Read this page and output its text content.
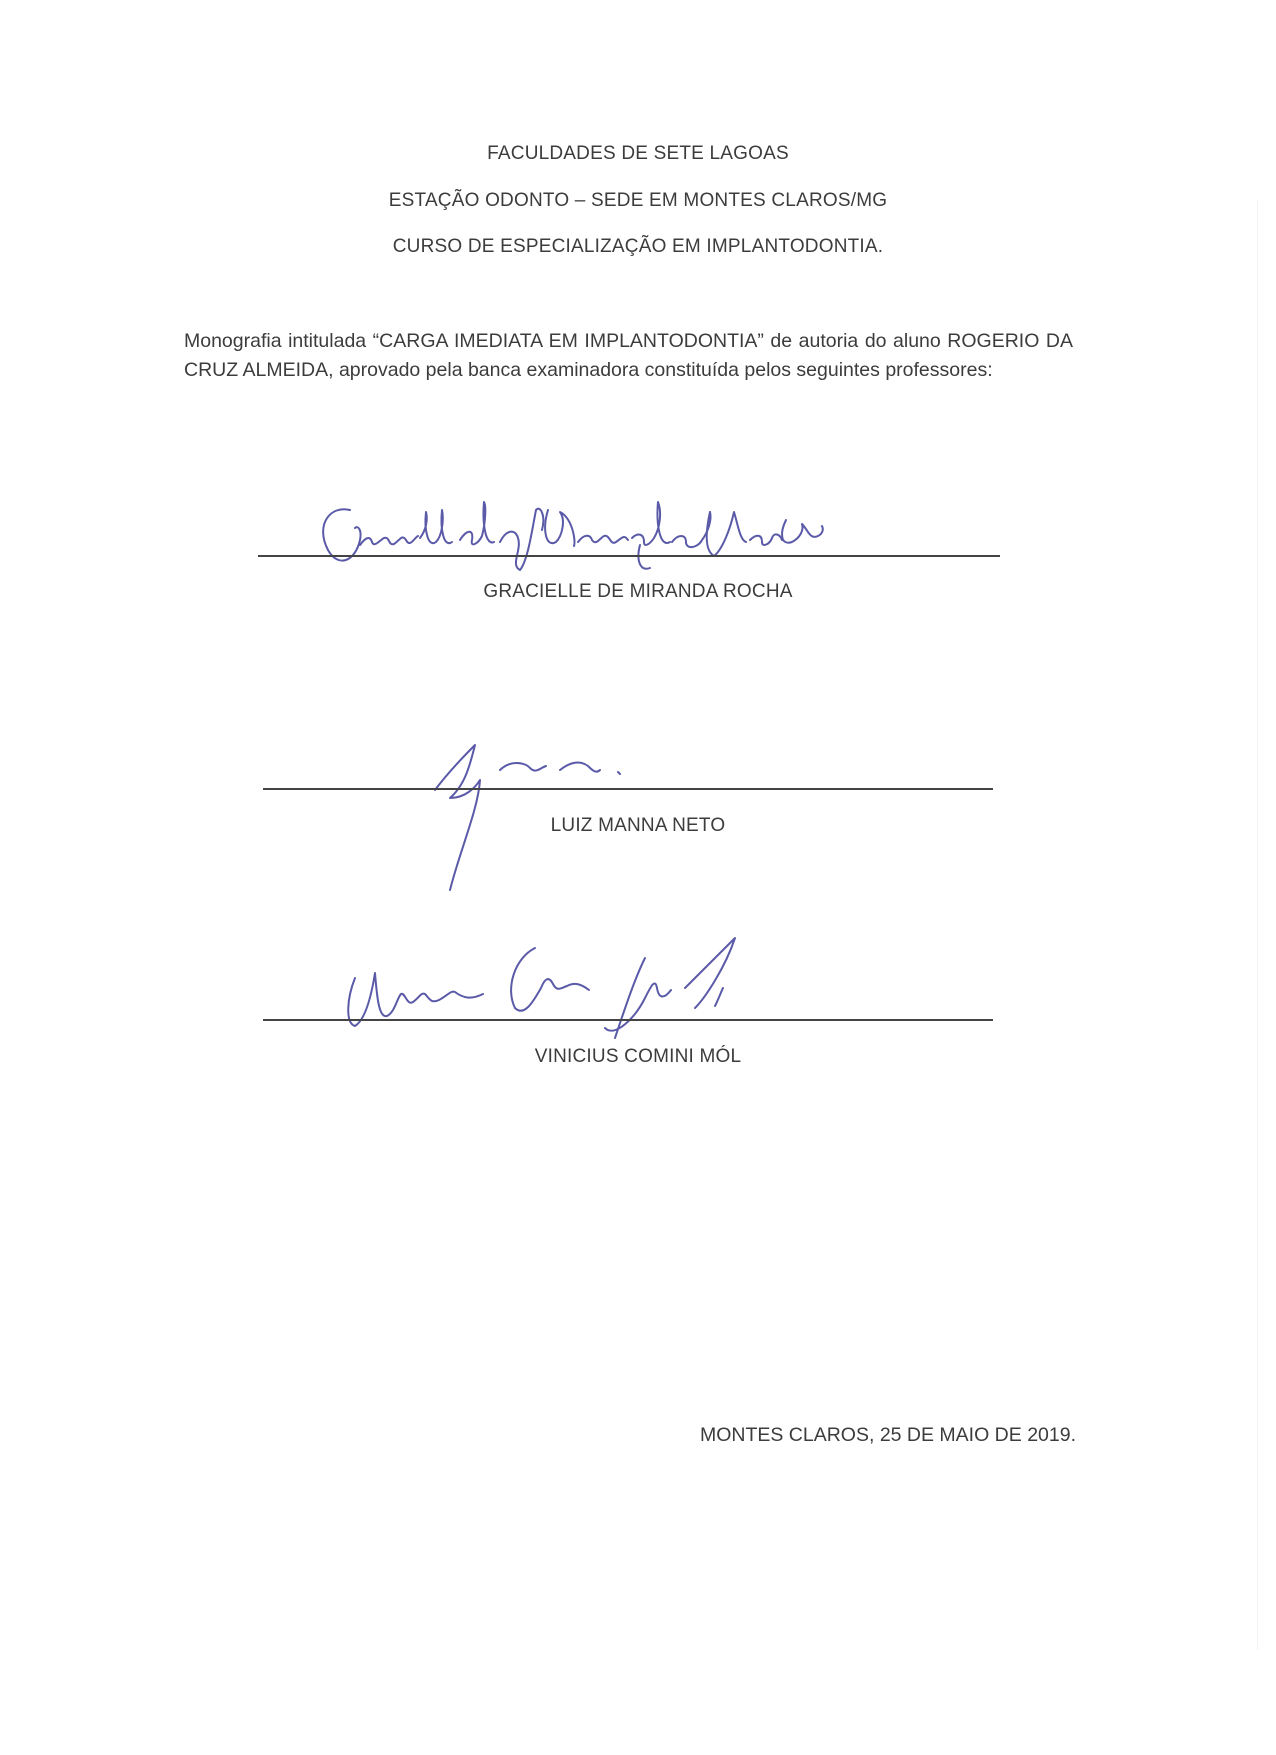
FACULDADES DE SETE LAGOAS
ESTAÇÃO ODONTO – SEDE EM MONTES CLAROS/MG
CURSO DE ESPECIALIZAÇÃO EM IMPLANTODONTIA.
Monografia intitulada “CARGA IMEDIATA EM IMPLANTODONTIA” de autoria do aluno ROGERIO DA CRUZ ALMEIDA, aprovado pela banca examinadora constituída pelos seguintes professores:
GRACIELLE DE MIRANDA ROCHA
LUIZ MANNA NETO
VINICIUS COMINI MÓL
MONTES CLAROS, 25 DE MAIO DE 2019.
